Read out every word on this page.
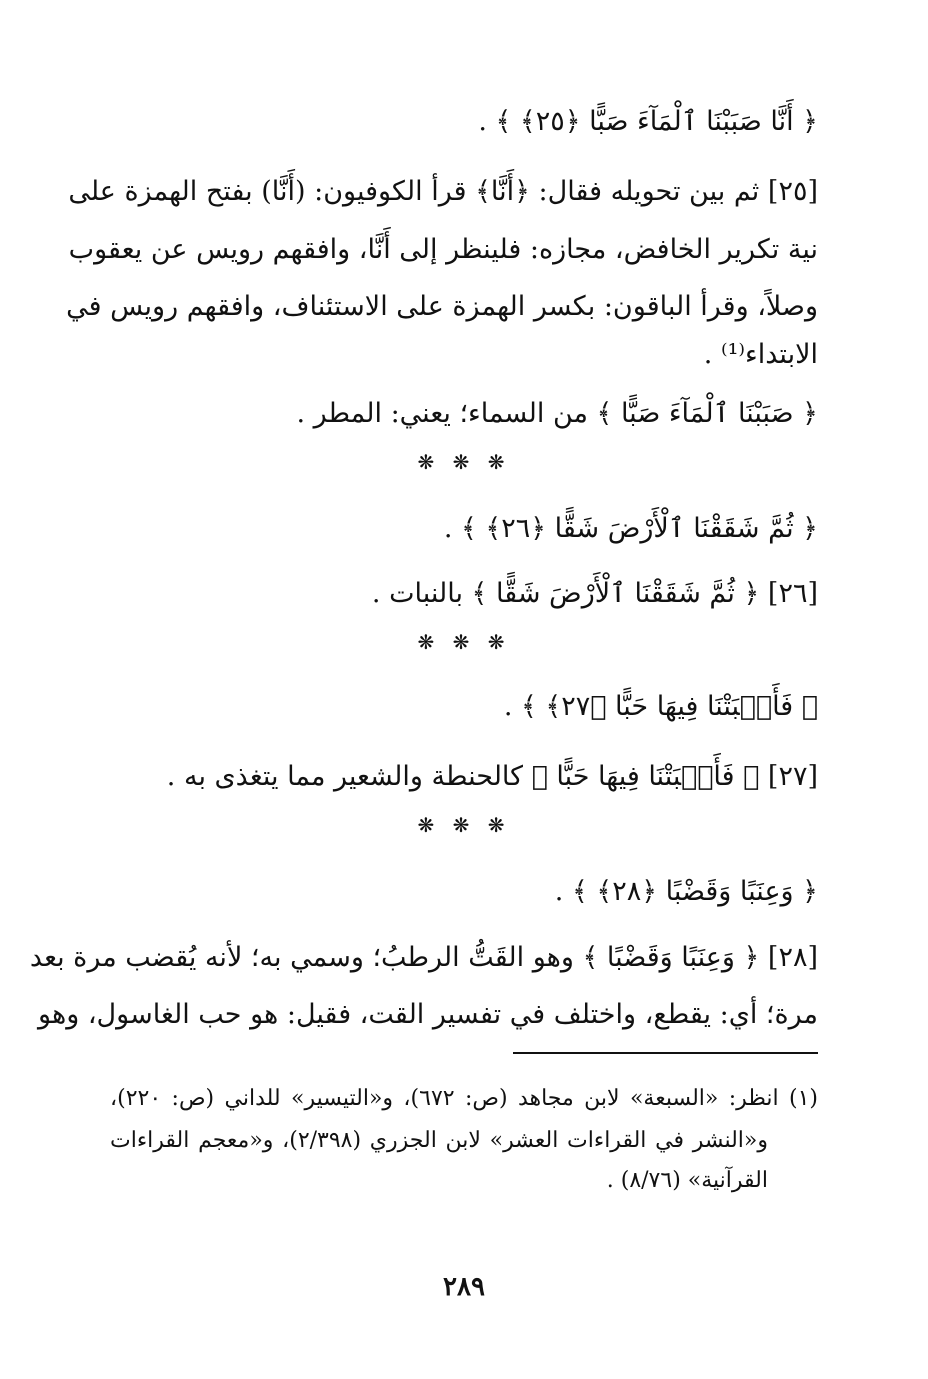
﴿ أَنَّا صَبَبْنَا ٱلْمَآءَ صَبًّا ﴿٢٥﴾ ﴾ .
[٢٥] ثم بين تحويله فقال: ﴿أَنَّا﴾ قرأ الكوفيون: (أَنَّا) بفتح الهمزة على
نية تكرير الخافض، مجازه: فلينظر إلى أَنَّا، وافقهم رويس عن يعقوب
وصلاً، وقرأ الباقون: بكسر الهمزة على الاستئناف، وافقهم رويس في
الابتداء⁽¹⁾ .
﴿ صَبَبْنَا ٱلْمَآءَ صَبًّا ﴾ من السماء؛ يعني: المطر .
❋ ❋ ❋
﴿ ثُمَّ شَقَقْنَا ٱلْأَرْضَ شَقًّا ﴿٢٦﴾ ﴾ .
[٢٦] ﴿ ثُمَّ شَقَقْنَا ٱلْأَرْضَ شَقًّا ﴾ بالنبات .
❋ ❋ ❋
﴿ فَأَنۢبَتْنَا فِيهَا حَبًّا ﴿٢٧﴾ ﴾ .
[٢٧] ﴿ فَأَنۢبَتْنَا فِيهَا حَبًّا ﴾ كالحنطة والشعير مما يتغذى به .
❋ ❋ ❋
﴿ وَعِنَبًا وَقَضْبًا ﴿٢٨﴾ ﴾ .
[٢٨] ﴿ وَعِنَبًا وَقَضْبًا ﴾ وهو القَتُّ الرطبُ؛ وسمي به؛ لأنه يُقضب مرة بعد
مرة؛ أي: يقطع، واختلف في تفسير القت، فقيل: هو حب الغاسول، وهو
(١) انظر: «السبعة» لابن مجاهد (ص: ٦٧٢)، و«التيسير» للداني (ص: ٢٢٠)،
و«النشر في القراءات العشر» لابن الجزري (٢/٣٩٨)، و«معجم القراءات
القرآنية» (٨/٧٦) .
٢٨٩
